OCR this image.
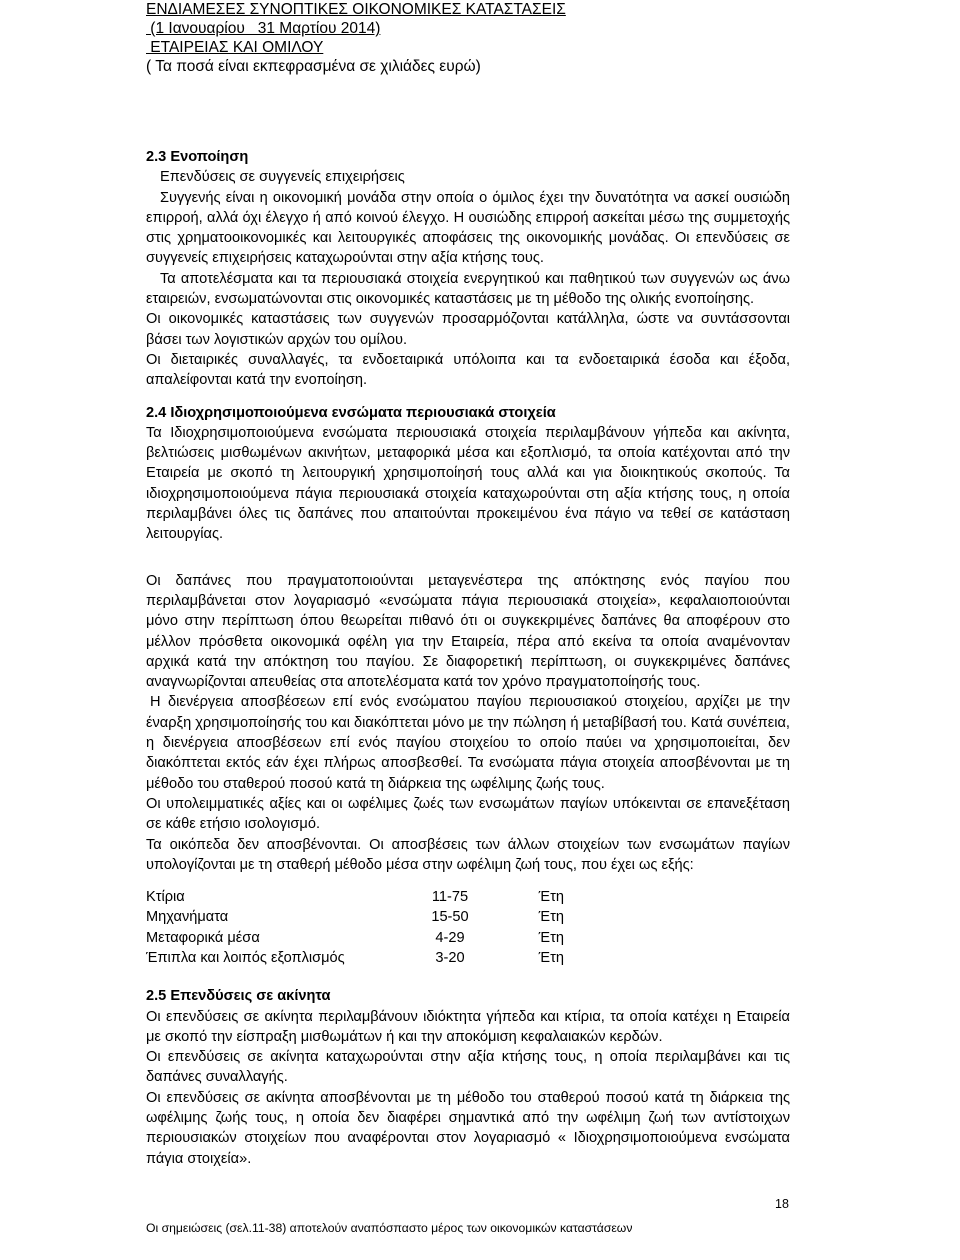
ΕΝΔΙΑΜΕΣΕΣ ΣΥΝΟΠΤΙΚΕΣ ΟΙΚΟΝΟΜΙΚΕΣ ΚΑΤΑΣΤΑΣΕΙΣ
(1 Ιανουαρίου   31 Μαρτίου 2014)
ΕΤΑΙΡΕΙΑΣ ΚΑΙ ΟΜΙΛΟΥ
( Τα ποσά είναι εκπεφρασμένα σε χιλιάδες ευρώ)

2.3 Ενοποίηση

Επενδύσεις σε συγγενείς επιχειρήσεις

Συγγενής είναι η οικονομική μονάδα στην οποία ο όμιλος έχει την δυνατότητα να ασκεί ουσιώδη επιρροή, αλλά όχι έλεγχο ή από κοινού έλεγχο. Η ουσιώδης επιρροή ασκείται μέσω της συμμετοχής στις χρηματοοικονομικές και λειτουργικές αποφάσεις της οικονομικής μονάδας. Οι επενδύσεις σε συγγενείς επιχειρήσεις καταχωρούνται στην αξία κτήσης τους.

Τα αποτελέσματα και τα περιουσιακά στοιχεία ενεργητικού και παθητικού των συγγενών ως άνω εταιρειών, ενσωματώνονται στις οικονομικές καταστάσεις με τη μέθοδο της ολικής ενοποίησης.

Οι οικονομικές καταστάσεις των συγγενών προσαρμόζονται κατάλληλα, ώστε να συντάσσονται βάσει των λογιστικών αρχών του ομίλου.

Οι διεταιρικές συναλλαγές, τα ενδοεταιρικά υπόλοιπα και τα ενδοεταιρικά έσοδα και έξοδα, απαλείφονται κατά την ενοποίηση.

2.4 Ιδιοχρησιμοποιούμενα ενσώματα περιουσιακά στοιχεία

Τα Ιδιοχρησιμοποιούμενα ενσώματα περιουσιακά στοιχεία περιλαμβάνουν γήπεδα και ακίνητα, βελτιώσεις μισθωμένων ακινήτων, μεταφορικά μέσα και εξοπλισμό, τα οποία κατέχονται από την Εταιρεία με σκοπό τη λειτουργική χρησιμοποίησή τους αλλά και για διοικητικούς σκοπούς. Τα ιδιοχρησιμοποιούμενα πάγια περιουσιακά στοιχεία καταχωρούνται στη αξία κτήσης τους, η οποία περιλαμβάνει όλες τις δαπάνες που απαιτούνται προκειμένου ένα πάγιο να τεθεί σε κατάσταση λειτουργίας.

Οι δαπάνες που πραγματοποιούνται μεταγενέστερα της απόκτησης ενός παγίου που περιλαμβάνεται στον λογαριασμό «ενσώματα πάγια περιουσιακά στοιχεία», κεφαλαιοποιούνται μόνο στην περίπτωση όπου θεωρείται πιθανό ότι οι συγκεκριμένες δαπάνες θα αποφέρουν στο μέλλον πρόσθετα οικονομικά οφέλη για την Εταιρεία, πέρα από εκείνα τα οποία αναμένονταν αρχικά κατά την απόκτηση του παγίου. Σε διαφορετική περίπτωση, οι συγκεκριμένες δαπάνες αναγνωρίζονται απευθείας στα αποτελέσματα κατά τον χρόνο πραγματοποίησής τους.

Η διενέργεια αποσβέσεων επί ενός ενσώματου παγίου περιουσιακού στοιχείου, αρχίζει με την έναρξη χρησιμοποίησής του και διακόπτεται μόνο με την πώληση ή μεταβίβασή του. Κατά συνέπεια, η διενέργεια αποσβέσεων επί ενός παγίου στοιχείου το οποίο παύει να χρησιμοποιείται, δεν διακόπτεται εκτός εάν έχει πλήρως αποσβεσθεί. Τα ενσώματα πάγια στοιχεία αποσβένονται με τη μέθοδο του σταθερού ποσού κατά τη διάρκεια της ωφέλιμης ζωής τους.

Οι υπολειμματικές αξίες και οι ωφέλιμες ζωές των ενσωμάτων παγίων υπόκεινται σε επανεξέταση σε κάθε ετήσιο ισολογισμό.

Τα οικόπεδα δεν αποσβένονται. Οι αποσβέσεις των άλλων στοιχείων των ενσωμάτων παγίων υπολογίζονται με τη σταθερή μέθοδο μέσα στην ωφέλιμη ζωή τους, που έχει ως εξής:

Κτίρια	11-75	Έτη
Μηχανήματα	15-50	Έτη
Μεταφορικά μέσα	4-29	Έτη
Έπιπλα και λοιπός εξοπλισμός	3-20	Έτη

2.5 Επενδύσεις σε ακίνητα

Οι επενδύσεις σε ακίνητα περιλαμβάνουν ιδιόκτητα γήπεδα και κτίρια, τα οποία κατέχει η Εταιρεία με σκοπό την είσπραξη μισθωμάτων ή και την αποκόμιση κεφαλαιακών κερδών.

Οι επενδύσεις σε ακίνητα καταχωρούνται στην αξία κτήσης τους, η οποία περιλαμβάνει και τις δαπάνες συναλλαγής.

Οι επενδύσεις σε ακίνητα αποσβένονται με τη μέθοδο του σταθερού ποσού κατά τη διάρκεια της ωφέλιμης ζωής τους, η οποία δεν διαφέρει σημαντικά από την ωφέλιμη ζωή των αντίστοιχων περιουσιακών στοιχείων που αναφέρονται στον λογαριασμό « Ιδιοχρησιμοποιούμενα ενσώματα πάγια στοιχεία».

18
Οι σημειώσεις (σελ.11-38) αποτελούν αναπόσπαστο μέρος των οικονομικών καταστάσεων
